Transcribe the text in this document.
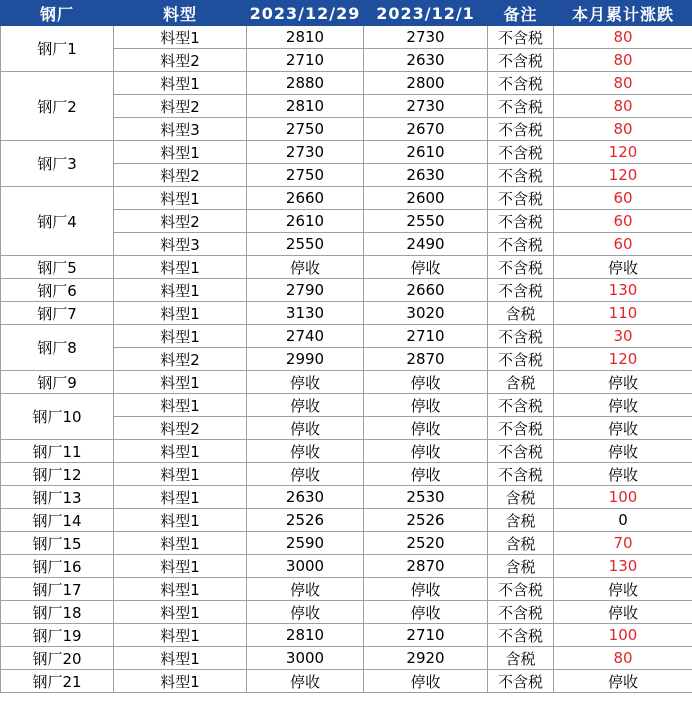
钢厂	料型	2023/12/29	2023/12/1	备注	本月累计涨跌
钢厂1	料型1	2810	2730	不含税	80
	料型2	2710	2630	不含税	80
钢厂2	料型1	2880	2800	不含税	80
	料型2	2810	2730	不含税	80
	料型3	2750	2670	不含税	80
钢厂3	料型1	2730	2610	不含税	120
	料型2	2750	2630	不含税	120
钢厂4	料型1	2660	2600	不含税	60
	料型2	2610	2550	不含税	60
	料型3	2550	2490	不含税	60
钢厂5	料型1	停收	停收	不含税	停收
钢厂6	料型1	2790	2660	不含税	130
钢厂7	料型1	3130	3020	含税	110
钢厂8	料型1	2740	2710	不含税	30
	料型2	2990	2870	不含税	120
钢厂9	料型1	停收	停收	含税	停收
钢厂10	料型1	停收	停收	不含税	停收
	料型2	停收	停收	不含税	停收
钢厂11	料型1	停收	停收	不含税	停收
钢厂12	料型1	停收	停收	不含税	停收
钢厂13	料型1	2630	2530	含税	100
钢厂14	料型1	2526	2526	含税	0
钢厂15	料型1	2590	2520	含税	70
钢厂16	料型1	3000	2870	含税	130
钢厂17	料型1	停收	停收	不含税	停收
钢厂18	料型1	停收	停收	不含税	停收
钢厂19	料型1	2810	2710	不含税	100
钢厂20	料型1	3000	2920	含税	80
钢厂21	料型1	停收	停收	不含税	停收
